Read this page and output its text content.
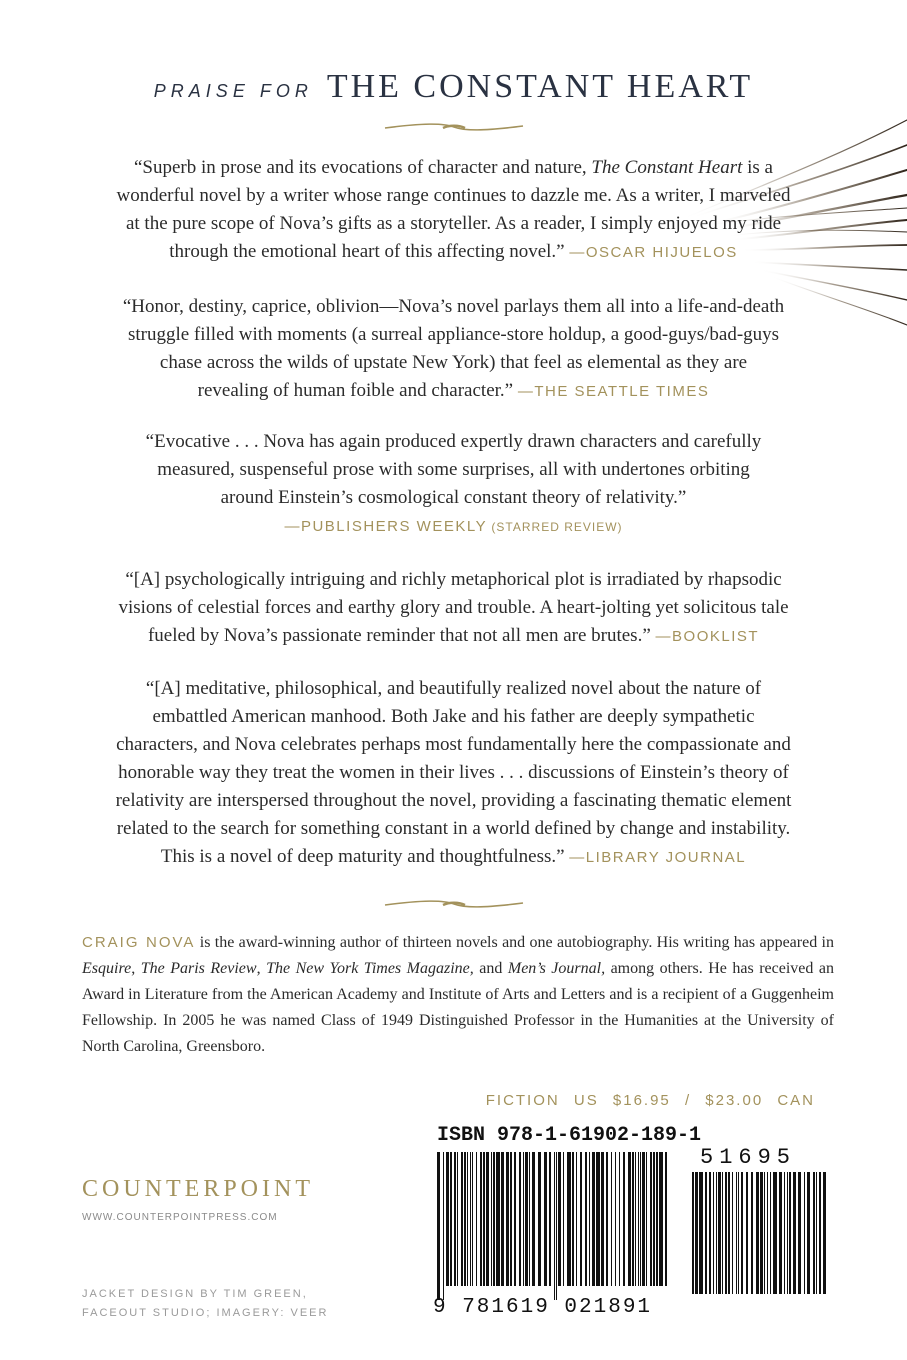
PRAISE FOR THE CONSTANT HEART
“Superb in prose and its evocations of character and nature, The Constant Heart is a
wonderful novel by a writer whose range continues to dazzle me. As a writer, I marveled
at the pure scope of Nova’s gifts as a storyteller. As a reader, I simply enjoyed my ride
through the emotional heart of this affecting novel.” —OSCAR HIJUELOS
“Honor, destiny, caprice, oblivion—Nova’s novel parlays them all into a life-and-death
struggle filled with moments (a surreal appliance-store holdup, a good-guys/bad-guys
chase across the wilds of upstate New York) that feel as elemental as they are
revealing of human foible and character.” —THE SEATTLE TIMES
“Evocative . . . Nova has again produced expertly drawn characters and carefully
measured, suspenseful prose with some surprises, all with undertones orbiting
around Einstein’s cosmological constant theory of relativity.”
—PUBLISHERS WEEKLY (STARRED REVIEW)
“[A] psychologically intriguing and richly metaphorical plot is irradiated by rhapsodic
visions of celestial forces and earthy glory and trouble. A heart-jolting yet solicitous tale
fueled by Nova’s passionate reminder that not all men are brutes.” —BOOKLIST
“[A] meditative, philosophical, and beautifully realized novel about the nature of
embattled American manhood. Both Jake and his father are deeply sympathetic
characters, and Nova celebrates perhaps most fundamentally here the compassionate and
honorable way they treat the women in their lives . . . discussions of Einstein’s theory of
relativity are interspersed throughout the novel, providing a fascinating thematic element
related to the search for something constant in a world defined by change and instability.
This is a novel of deep maturity and thoughtfulness.” —LIBRARY JOURNAL
CRAIG NOVA is the award-winning author of thirteen novels and one autobiography. His writing has appeared in Esquire, The Paris Review, The New York Times Magazine, and Men’s Journal, among others. He has received an Award in Literature from the American Academy and Institute of Arts and Letters and is a recipient of a Guggenheim Fellowship. In 2005 he was named Class of 1949 Distinguished Professor in the Humanities at the University of North Carolina, Greensboro.
FICTION US $16.95 / $23.00 CAN
COUNTERPOINT
WWW.COUNTERPOINTPRESS.COM
JACKET DESIGN BY TIM GREEN,
FACEOUT STUDIO; IMAGERY: VEER
ISBN 978-1-61902-189-1
51695
9 781619 021891
